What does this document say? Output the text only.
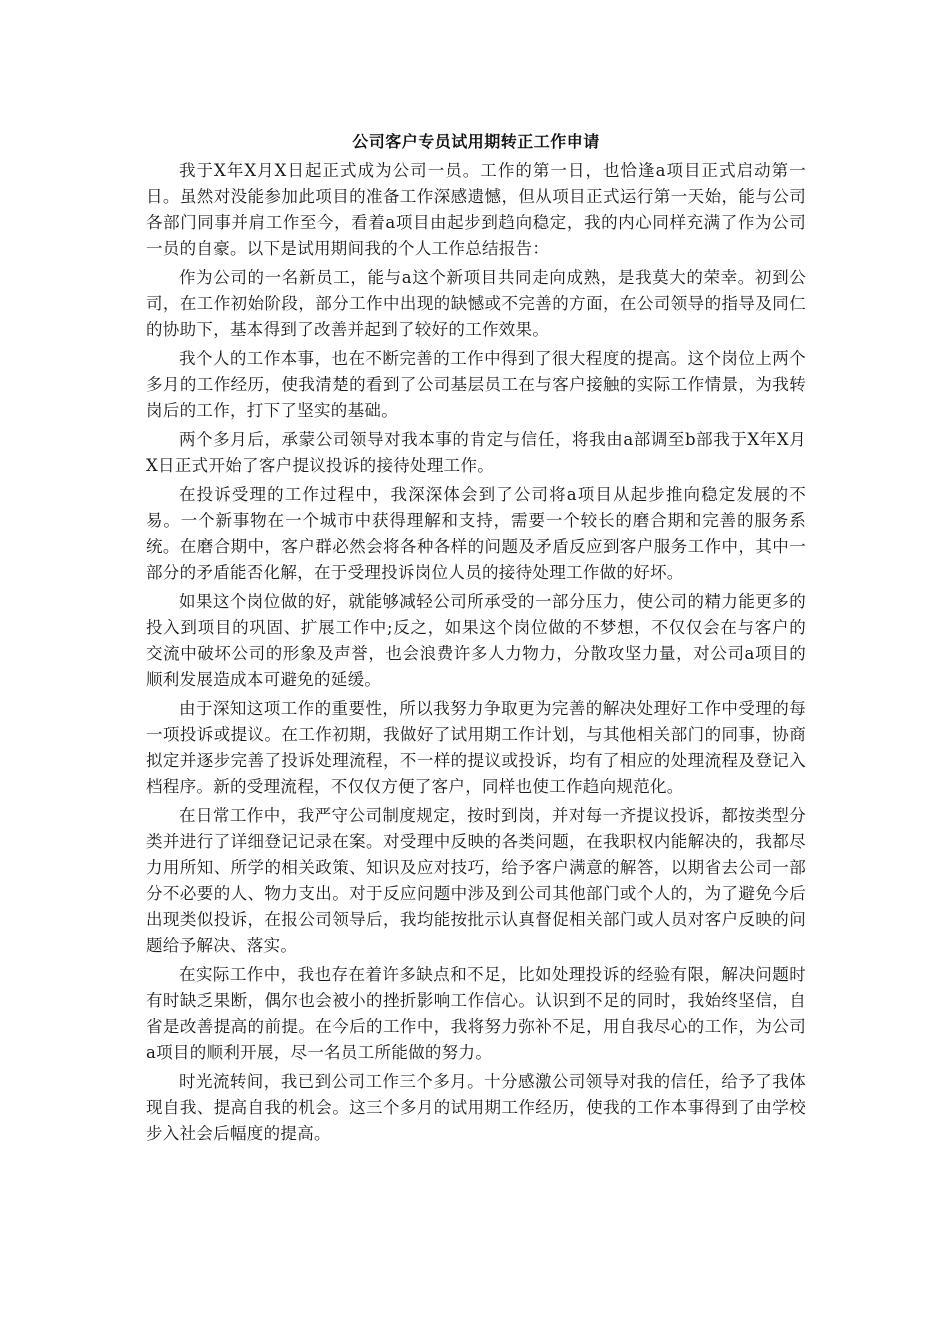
公司客户专员试用期转正工作申请

我于X年X月X日起正式成为公司一员。工作的第一日，也恰逢a项目正式启动第一日。虽然对没能参加此项目的准备工作深感遗憾，但从项目正式运行第一天始，能与公司各部门同事并肩工作至今，看着a项目由起步到趋向稳定，我的内心同样充满了作为公司一员的自豪。以下是试用期间我的个人工作总结报告：

作为公司的一名新员工，能与a这个新项目共同走向成熟，是我莫大的荣幸。初到公司，在工作初始阶段，部分工作中出现的缺憾或不完善的方面，在公司领导的指导及同仁的协助下，基本得到了改善并起到了较好的工作效果。

我个人的工作本事，也在不断完善的工作中得到了很大程度的提高。这个岗位上两个多月的工作经历，使我清楚的看到了公司基层员工在与客户接触的实际工作情景，为我转岗后的工作，打下了坚实的基础。

两个多月后，承蒙公司领导对我本事的肯定与信任，将我由a部调至b部我于X年X月X日正式开始了客户提议投诉的接待处理工作。

在投诉受理的工作过程中，我深深体会到了公司将a项目从起步推向稳定发展的不易。一个新事物在一个城市中获得理解和支持，需要一个较长的磨合期和完善的服务系统。在磨合期中，客户群必然会将各种各样的问题及矛盾反应到客户服务工作中，其中一部分的矛盾能否化解，在于受理投诉岗位人员的接待处理工作做的好坏。

如果这个岗位做的好，就能够减轻公司所承受的一部分压力，使公司的精力能更多的投入到项目的巩固、扩展工作中;反之，如果这个岗位做的不梦想，不仅仅会在与客户的交流中破坏公司的形象及声誉，也会浪费许多人力物力，分散攻坚力量，对公司a项目的顺利发展造成本可避免的延缓。

由于深知这项工作的重要性，所以我努力争取更为完善的解决处理好工作中受理的每一项投诉或提议。在工作初期，我做好了试用期工作计划，与其他相关部门的同事，协商拟定并逐步完善了投诉处理流程，不一样的提议或投诉，均有了相应的处理流程及登记入档程序。新的受理流程，不仅仅方便了客户，同样也使工作趋向规范化。

在日常工作中，我严守公司制度规定，按时到岗，并对每一齐提议投诉，都按类型分类并进行了详细登记记录在案。对受理中反映的各类问题，在我职权内能解决的，我都尽力用所知、所学的相关政策、知识及应对技巧，给予客户满意的解答，以期省去公司一部分不必要的人、物力支出。对于反应问题中涉及到公司其他部门或个人的，为了避免今后出现类似投诉，在报公司领导后，我均能按批示认真督促相关部门或人员对客户反映的问题给予解决、落实。

在实际工作中，我也存在着许多缺点和不足，比如处理投诉的经验有限，解决问题时有时缺乏果断，偶尔也会被小的挫折影响工作信心。认识到不足的同时，我始终坚信，自省是改善提高的前提。在今后的工作中，我将努力弥补不足，用自我尽心的工作，为公司a项目的顺利开展，尽一名员工所能做的努力。

时光流转间，我已到公司工作三个多月。十分感激公司领导对我的信任，给予了我体现自我、提高自我的机会。这三个多月的试用期工作经历，使我的工作本事得到了由学校步入社会后幅度的提高。
